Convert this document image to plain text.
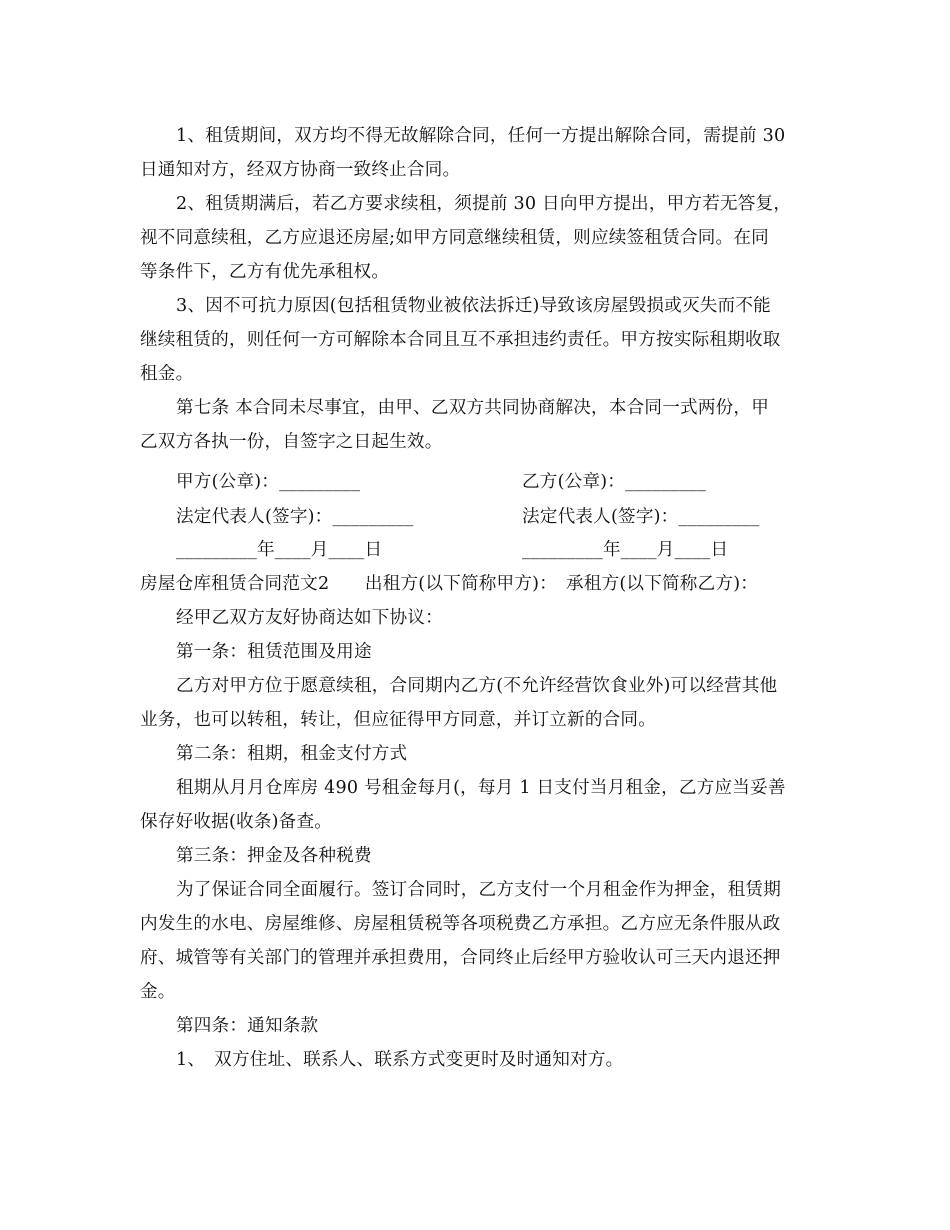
1、租赁期间，双方均不得无故解除合同，任何一方提出解除合同，需提前 30
日通知对方，经双方协商一致终止合同。
2、租赁期满后，若乙方要求续租，须提前 30 日向甲方提出，甲方若无答复，
视不同意续租，乙方应退还房屋;如甲方同意继续租赁，则应续签租赁合同。在同
等条件下，乙方有优先承租权。
3、因不可抗力原因(包括租赁物业被依法拆迁)导致该房屋毁损或灭失而不能
继续租赁的，则任何一方可解除本合同且互不承担违约责任。甲方按实际租期收取
租金。
第七条 本合同未尽事宜，由甲、乙双方共同协商解决，本合同一式两份，甲
乙双方各执一份，自签字之日起生效。
甲方(公章)：_________	乙方(公章)：_________
法定代表人(签字)：_________	法定代表人(签字)：_________
_________年____月____日	_________年____月____日
房屋仓库租赁合同范文2　　出租方(以下简称甲方)：　承租方(以下简称乙方)：
经甲乙双方友好协商达如下协议：
第一条：租赁范围及用途
乙方对甲方位于愿意续租，合同期内乙方(不允许经营饮食业外)可以经营其他
业务，也可以转租，转让，但应征得甲方同意，并订立新的合同。
第二条：租期，租金支付方式
租期从月月仓库房 490 号租金每月(，每月 1 日支付当月租金，乙方应当妥善
保存好收据(收条)备查。
第三条：押金及各种税费
为了保证合同全面履行。签订合同时，乙方支付一个月租金作为押金，租赁期
内发生的水电、房屋维修、房屋租赁税等各项税费乙方承担。乙方应无条件服从政
府、城管等有关部门的管理并承担费用，合同终止后经甲方验收认可三天内退还押
金。
第四条：通知条款
1、　双方住址、联系人、联系方式变更时及时通知对方。
